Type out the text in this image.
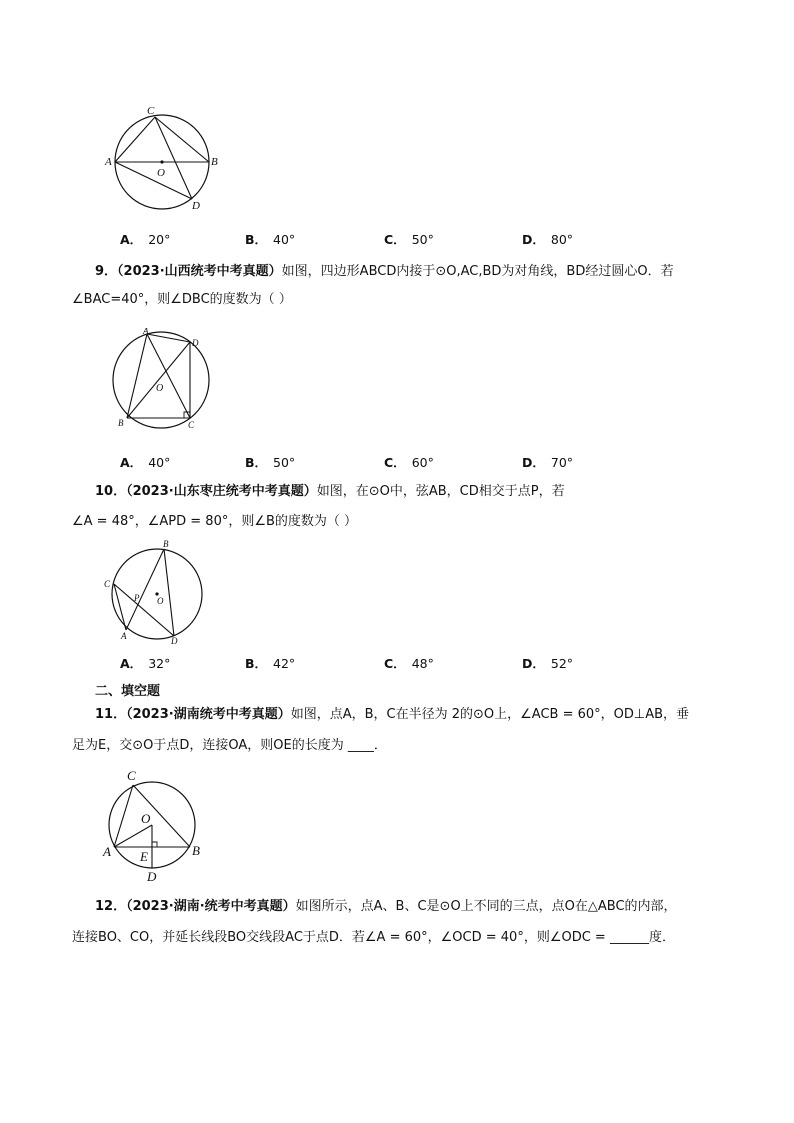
C
A	B
O
D
A． 20°	B． 40°	C． 50°	D． 80°
9．（2023·山西统考中考真题）如图，四边形ABCD内接于⊙O,AC,BD为对角线，BD经过圆心O．若
∠BAC=40°，则∠DBC的度数为（ ）
A
D
O
B	C
A． 40°	B． 50°	C． 60°	D． 70°
10．（2023·山东枣庄统考中考真题）如图，在⊙O中，弦AB，CD相交于点P，若
∠A = 48°，∠APD = 80°，则∠B的度数为（ ）
B
C
P O
A	D
A． 32°	B． 42°	C． 48°	D． 52°
二、填空题
11．（2023·湖南统考中考真题）如图，点A，B，C在半径为 2的⊙O上，∠ACB = 60°，OD⊥AB，垂
足为E，交⊙O于点D，连接OA，则OE的长度为 ____．
C
O
A E	B
D
12．（2023·湖南·统考中考真题）如图所示，点A、B、C是⊙O上不同的三点，点O在△ABC的内部，
连接BO、CO，并延长线段BO交线段AC于点D．若∠A = 60°，∠OCD = 40°，则∠ODC = ______度．
